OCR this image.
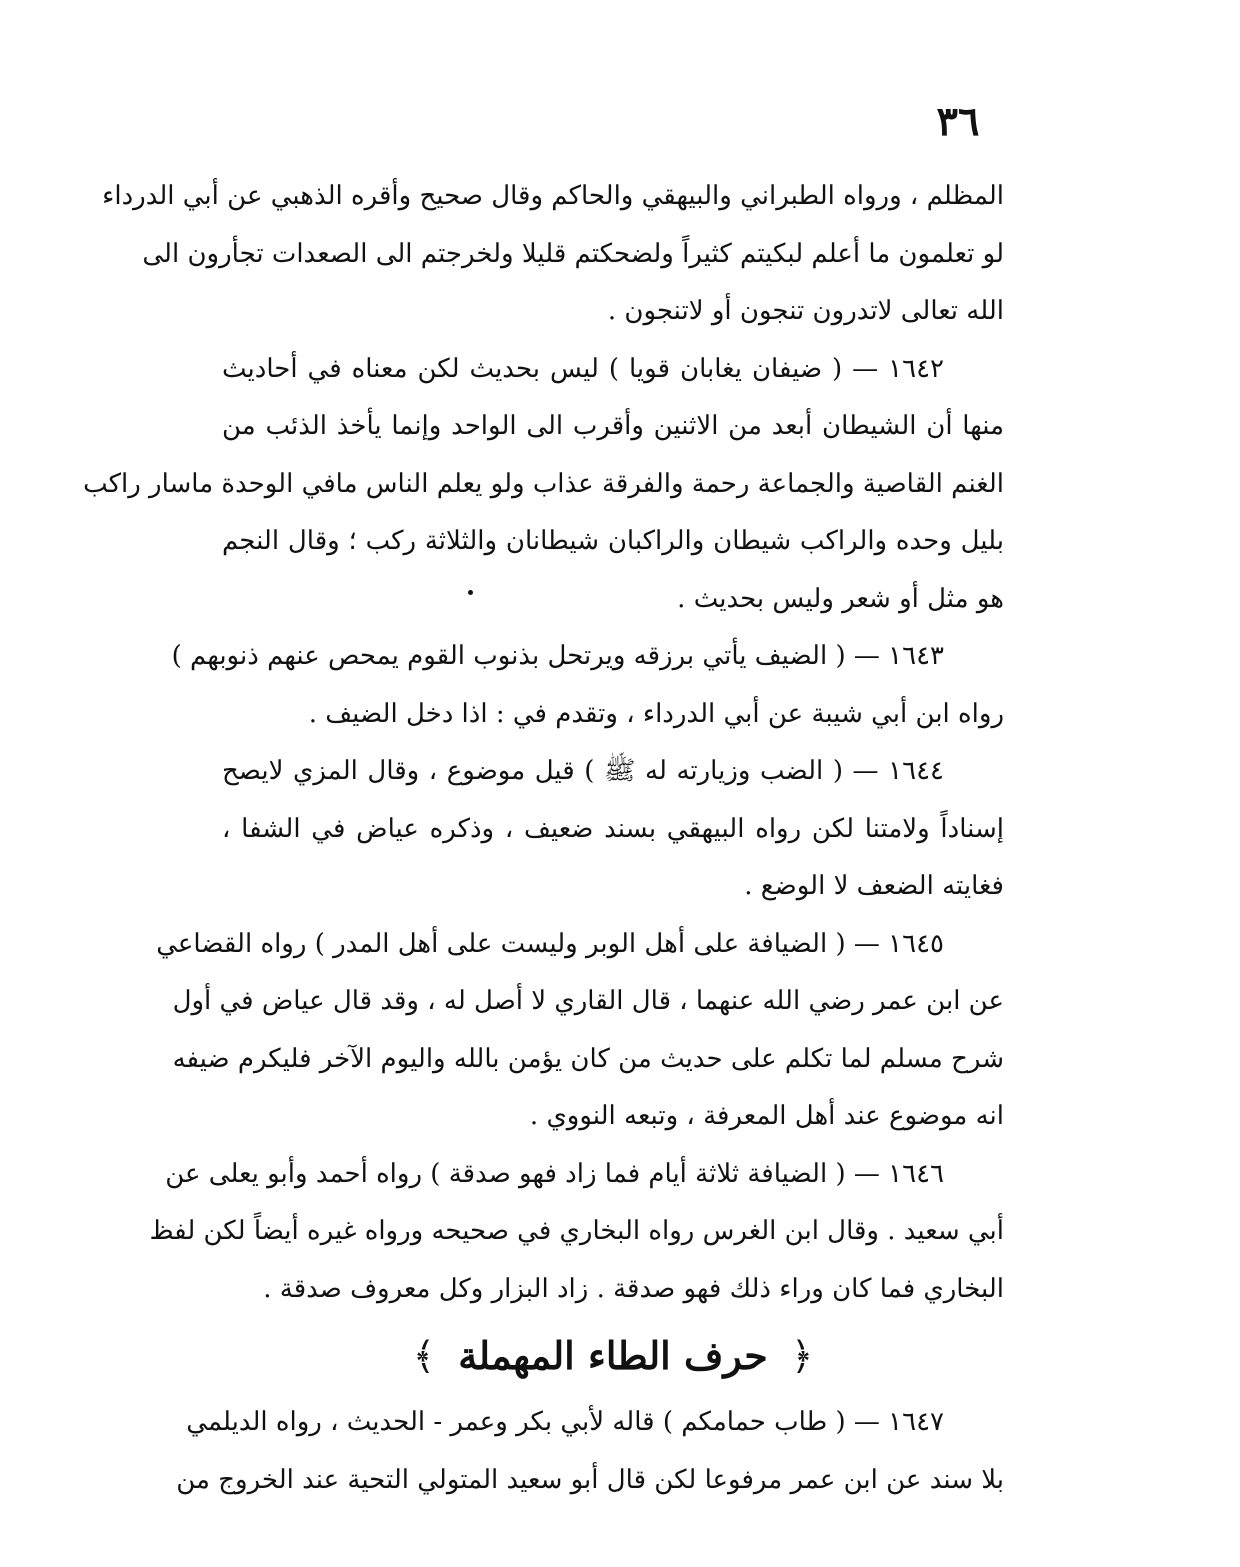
٣٦
المظلم ، ورواه الطبراني والبيهقي والحاكم وقال صحيح وأقره الذهبي عن أبي الدرداء
لو تعلمون ما أعلم لبكيتم كثيراً ولضحكتم قليلا ولخرجتم الى الصعدات تجأرون الى
الله تعالى لاتدرون تنجون أو لاتنجون .
١٦٤٢ — ( ضيفان يغابان قويا ) ليس بحديث لكن معناه في أحاديث
منها أن الشيطان أبعد من الاثنين وأقرب الى الواحد وإنما يأخذ الذئب من
الغنم القاصية والجماعة رحمة والفرقة عذاب ولو يعلم الناس مافي الوحدة ماسار راكب
بليل وحده والراكب شيطان والراكبان شيطانان والثلاثة ركب ؛ وقال النجم
هو مثل أو شعر وليس بحديث .
١٦٤٣ — ( الضيف يأتي برزقه ويرتحل بذنوب القوم يمحص عنهم ذنوبهم )
رواه ابن أبي شيبة عن أبي الدرداء ، وتقدم في : اذا دخل الضيف .
١٦٤٤ — ( الضب وزيارته له ﷺ ) قيل موضوع ، وقال المزي لايصح
إسناداً ولامتنا لكن رواه البيهقي بسند ضعيف ، وذكره عياض في الشفا ،
فغايته الضعف لا الوضع .
١٦٤٥ — ( الضيافة على أهل الوبر وليست على أهل المدر ) رواه القضاعي
عن ابن عمر رضي الله عنهما ، قال القاري لا أصل له ، وقد قال عياض في أول
شرح مسلم لما تكلم على حديث من كان يؤمن بالله واليوم الآخر فليكرم ضيفه
انه موضوع عند أهل المعرفة ، وتبعه النووي .
١٦٤٦ — ( الضيافة ثلاثة أيام فما زاد فهو صدقة ) رواه أحمد وأبو يعلى عن
أبي سعيد . وقال ابن الغرس رواه البخاري في صحيحه ورواه غيره أيضاً لكن لفظ
البخاري فما كان وراء ذلك فهو صدقة . زاد البزار وكل معروف صدقة .
﴿ حرف الطاء المهملة ﴾
١٦٤٧ — ( طاب حمامكم ) قاله لأبي بكر وعمر - الحديث ، رواه الديلمي
بلا سند عن ابن عمر مرفوعا لكن قال أبو سعيد المتولي التحية عند الخروج من
